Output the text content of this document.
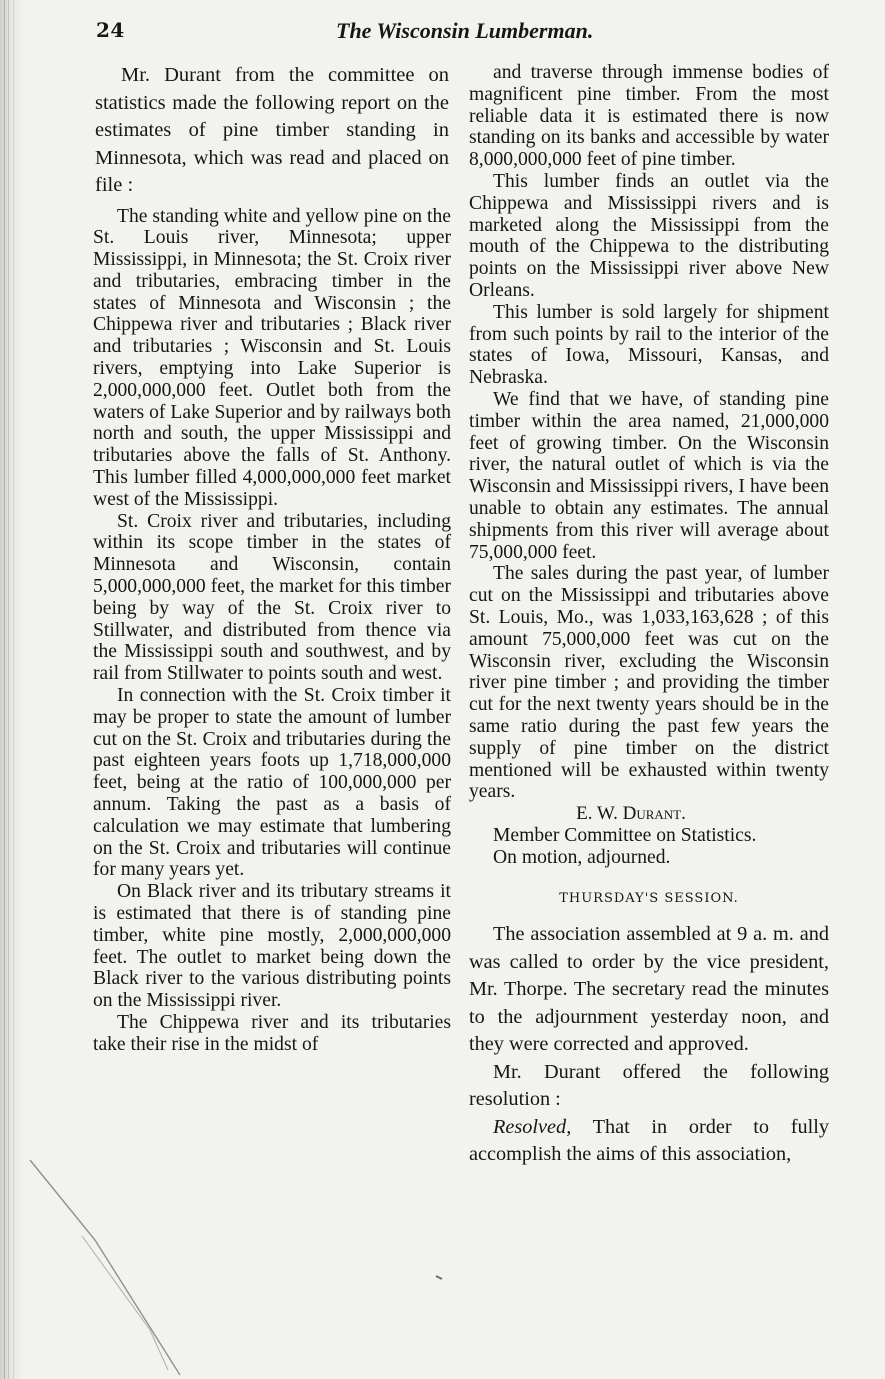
24	The Wisconsin Lumberman.

Mr. Durant from the committee on statistics made the following report on the estimates of pine timber standing in Minnesota, which was read and placed on file :

The standing white and yellow pine on the St. Louis river, Minnesota; upper Mississippi, in Minnesota; the St. Croix river and tributaries, embracing timber in the states of Minnesota and Wisconsin ; the Chippewa river and tributaries ; Black river and tributaries ; Wisconsin and St. Louis rivers, emptying into Lake Superior is 2,000,000,000 feet. Outlet both from the waters of Lake Superior and by railways both north and south, the upper Mississippi and tributaries above the falls of St. Anthony. This lumber filled 4,000,000,000 feet market west of the Mississippi.

St. Croix river and tributaries, including within its scope timber in the states of Minnesota and Wisconsin, contain 5,000,000,000 feet, the market for this timber being by way of the St. Croix river to Stillwater, and distributed from thence via the Mississippi south and southwest, and by rail from Stillwater to points south and west.

In connection with the St. Croix timber it may be proper to state the amount of lumber cut on the St. Croix and tributaries during the past eighteen years foots up 1,718,000,000 feet, being at the ratio of 100,000,000 per annum. Taking the past as a basis of calculation we may estimate that lumbering on the St. Croix and tributaries will continue for many years yet.

On Black river and its tributary streams it is estimated that there is of standing pine timber, white pine mostly, 2,000,000,000 feet. The outlet to market being down the Black river to the various distributing points on the Mississippi river.

The Chippewa river and its tributaries take their rise in the midst of

and traverse through immense bodies of magnificent pine timber. From the most reliable data it is estimated there is now standing on its banks and accessible by water 8,000,000,000 feet of pine timber.

This lumber finds an outlet via the Chippewa and Mississippi rivers and is marketed along the Mississippi from the mouth of the Chippewa to the distributing points on the Mississippi river above New Orleans.

This lumber is sold largely for shipment from such points by rail to the interior of the states of Iowa, Missouri, Kansas, and Nebraska.

We find that we have, of standing pine timber within the area named, 21,000,000 feet of growing timber. On the Wisconsin river, the natural outlet of which is via the Wisconsin and Mississippi rivers, I have been unable to obtain any estimates. The annual shipments from this river will average about 75,000,000 feet.

The sales during the past year, of lumber cut on the Mississippi and tributaries above St. Louis, Mo., was 1,033,163,628 ; of this amount 75,000,000 feet was cut on the Wisconsin river, excluding the Wisconsin river pine timber ; and providing the timber cut for the next twenty years should be in the same ratio during the past few years the supply of pine timber on the district mentioned will be exhausted within twenty years.

E. W. Durant.

Member Committee on Statistics.

On motion, adjourned.

THURSDAY'S SESSION.

The association assembled at 9 a. m. and was called to order by the vice president, Mr. Thorpe. The secretary read the minutes to the adjournment yesterday noon, and they were corrected and approved.

Mr. Durant offered the following resolution :

Resolved, That in order to fully accomplish the aims of this association,
